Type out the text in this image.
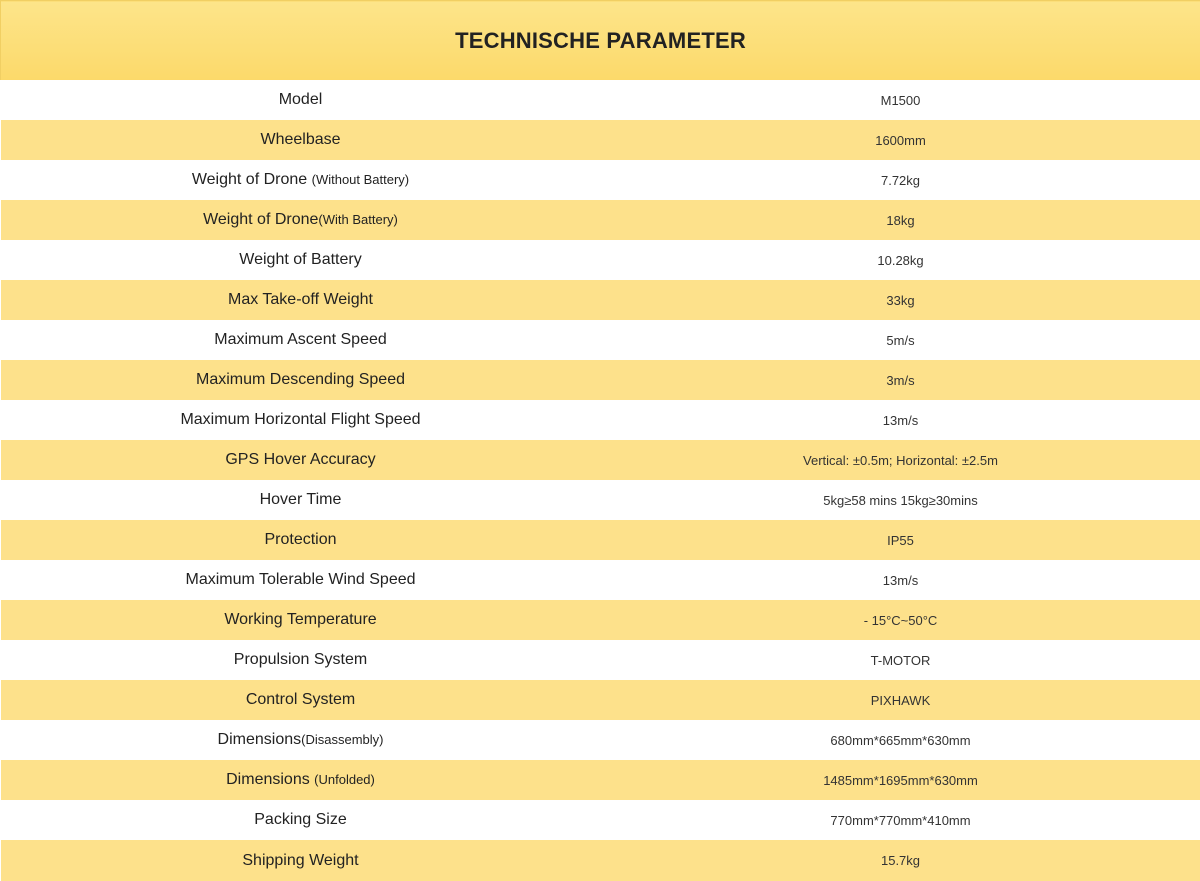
TECHNISCHE PARAMETER	
Model	M1500
Wheelbase	1600mm
Weight of Drone (Without Battery)	7.72kg
Weight of Drone(With Battery)	18kg
Weight of Battery	10.28kg
Max Take-off Weight	33kg
Maximum Ascent Speed	5m/s
Maximum Descending Speed	3m/s
Maximum Horizontal Flight Speed	13m/s
GPS Hover Accuracy	Vertical: ±0.5m; Horizontal: ±2.5m
Hover Time	5kg≥58 mins 15kg≥30mins
Protection	IP55
Maximum Tolerable Wind Speed	13m/s
Working Temperature	- 15°C~50°C
Propulsion System	T-MOTOR
Control System	PIXHAWK
Dimensions(Disassembly)	680mm*665mm*630mm
Dimensions (Unfolded)	1485mm*1695mm*630mm
Packing Size	770mm*770mm*410mm
Shipping Weight	15.7kg
